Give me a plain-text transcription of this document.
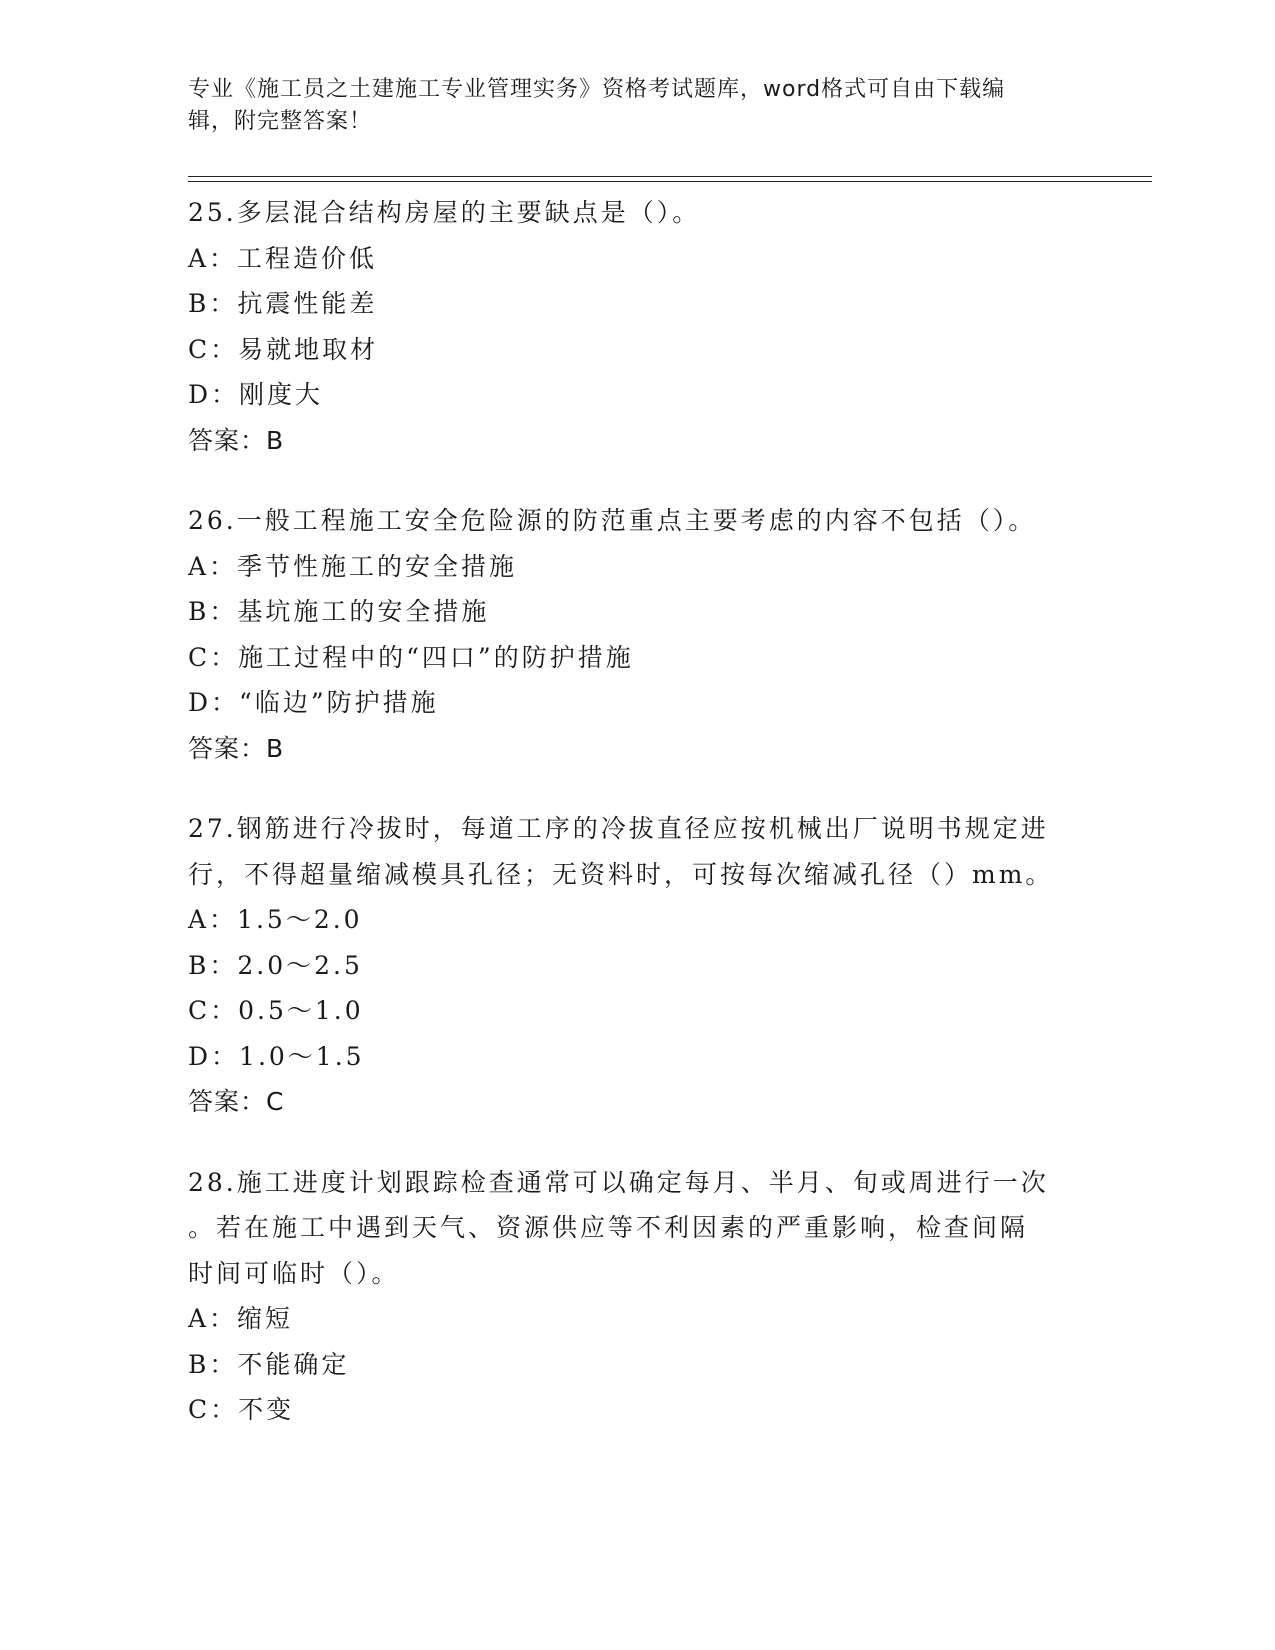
专业《施工员之土建施工专业管理实务》资格考试题库，word格式可自由下载编
辑，附完整答案！
25.多层混合结构房屋的主要缺点是（）。
A：工程造价低
B：抗震性能差
C：易就地取材
D：刚度大
答案：B
26.一般工程施工安全危险源的防范重点主要考虑的内容不包括（）。
A：季节性施工的安全措施
B：基坑施工的安全措施
C：施工过程中的“四口”的防护措施
D：“临边”防护措施
答案：B
27.钢筋进行冷拔时，每道工序的冷拔直径应按机械出厂说明书规定进
行，不得超量缩减模具孔径；无资料时，可按每次缩减孔径（）mm。
A：1.5～2.0
B：2.0～2.5
C：0.5～1.0
D：1.0～1.5
答案：C
28.施工进度计划跟踪检查通常可以确定每月、半月、旬或周进行一次
。若在施工中遇到天气、资源供应等不利因素的严重影响，检查间隔
时间可临时（）。
A：缩短
B：不能确定
C：不变
